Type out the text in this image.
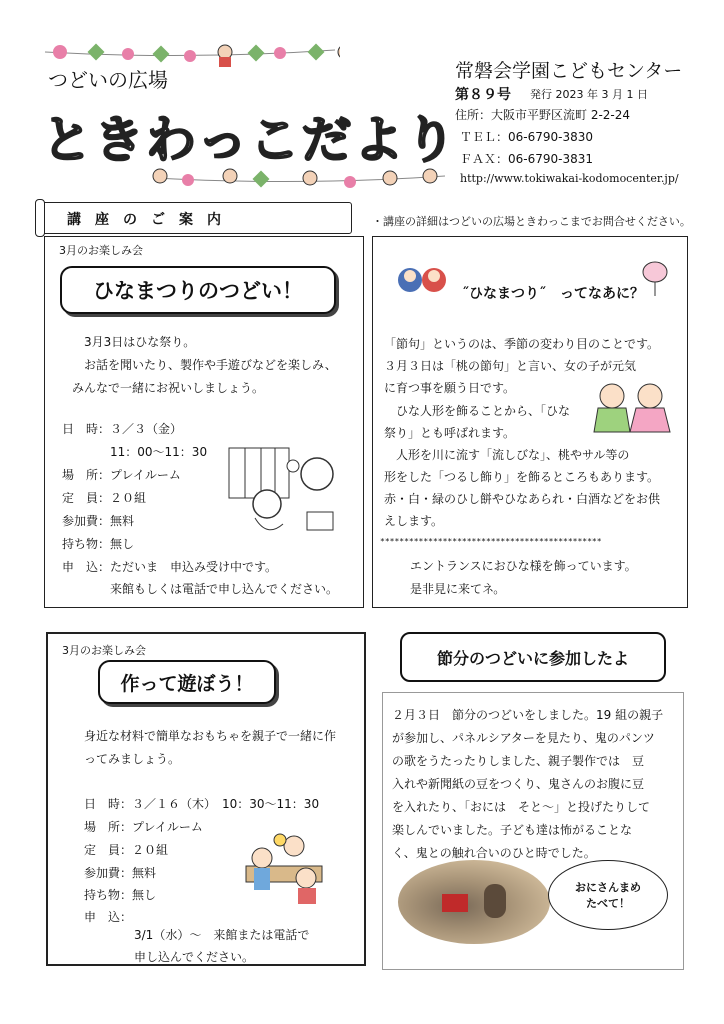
つどいの広場
ときわっこだより
常磐会学園こどもセンター
第８９号 発行 2023 年 3 月 1 日
住所：大阪市平野区流町 2-2-24
ＴＥＬ：06-6790-3830
ＦＡＸ：06-6790-3831
http://www.tokiwakai-kodomocenter.jp/
講　座　の　ご　案　内	・講座の詳細はつどいの広場ときわっこまでお問合せください。
3月のお楽しみ会
ひなまつりのつどい！
3月3日はひな祭り。
お話を聞いたり、製作や手遊びなどを楽しみ、
みんなで一緒にお祝いしましょう。
日　時：３／３（金）
　　　　11：00～11：30
場　所：プレイルーム
定　員：２０組
参加費：無料
持ち物：無し
申　込：ただいま　申込み受け中です。
　　　　来館もしくは電話で申し込んでください。
˝ひなまつり˝　ってなあに？
「節句」というのは、季節の変わり目のことです。
３月３日は「桃の節句」と言い、女の子が元気
に育つ事を願う日です。
　ひな人形を飾ることから、「ひな
祭り」とも呼ばれます。
　人形を川に流す「流しびな」、桃やサル等の
形をした「つるし飾り」を飾るところもあります。
赤・白・緑のひし餅やひなあられ・白酒などをお供
えします。
**********************************************
エントランスにおひな様を飾っています。
是非見に来てネ。
3月のお楽しみ会
作って遊ぼう！
身近な材料で簡単なおもちゃを親子で一緒に作
ってみましょう。
日　時：３／１６（木）　10：30～11：30
場　所：プレイルーム
定　員：２０組
参加費：無料
持ち物：無し
申　込：
3/1（水）～　来館または電話で
申し込んでください。
節分のつどいに参加したよ
２月３日　節分のつどいをしました。19 組の親子
が参加し、パネルシアターを見たり、鬼のパンツ
の歌をうたったりしました、親子製作では　豆
入れや新聞紙の豆をつくり、鬼さんのお腹に豆
を入れたり、「おには　そと～」と投げたりして
楽しんでいました。子ども達は怖がることな
く、鬼との触れ合いのひと時でした。
おにさんまめ
たべて！
